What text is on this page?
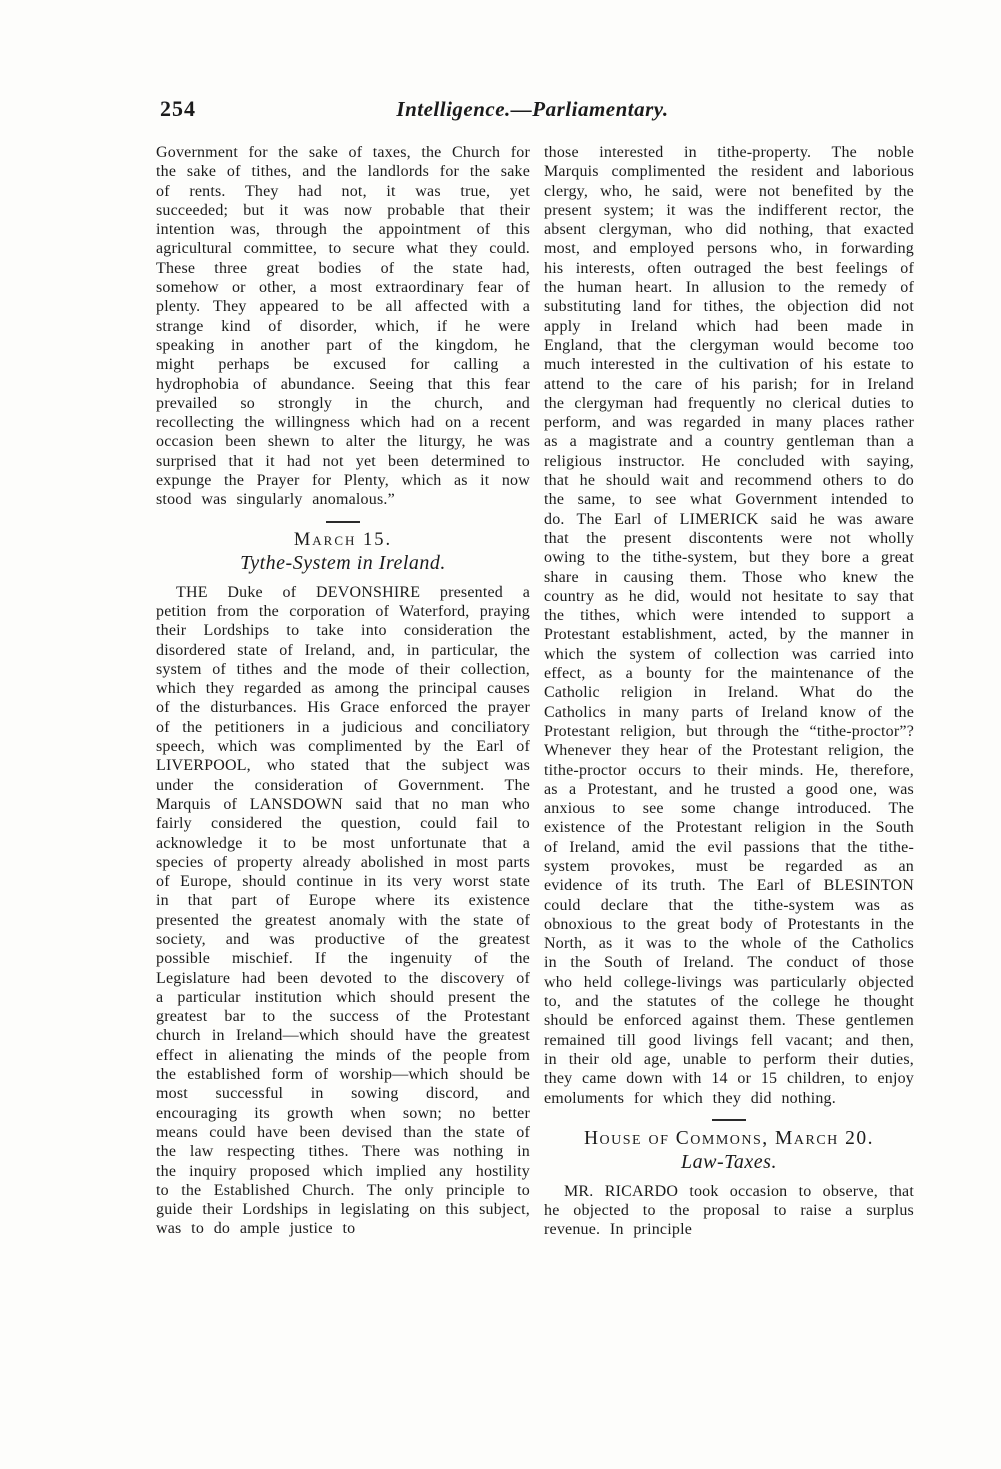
254	Intelligence.—Parliamentary.

Government for the sake of taxes, the Church for the sake of tithes, and the landlords for the sake of rents. They had not, it was true, yet succeeded; but it was now probable that their intention was, through the appointment of this agricultural committee, to secure what they could. These three great bodies of the state had, somehow or other, a most extraordinary fear of plenty. They appeared to be all affected with a strange kind of disorder, which, if he were speaking in another part of the kingdom, he might perhaps be excused for calling a hydrophobia of abundance. Seeing that this fear prevailed so strongly in the church, and recollecting the willingness which had on a recent occasion been shewn to alter the liturgy, he was surprised that it had not yet been determined to expunge the Prayer for Plenty, which as it now stood was singularly anomalous.”

March 15.
Tythe-System in Ireland.

THE Duke of DEVONSHIRE presented a petition from the corporation of Waterford, praying their Lordships to take into consideration the disordered state of Ireland, and, in particular, the system of tithes and the mode of their collection, which they regarded as among the principal causes of the disturbances. His Grace enforced the prayer of the petitioners in a judicious and conciliatory speech, which was complimented by the Earl of LIVERPOOL, who stated that the subject was under the consideration of Government. The Marquis of LANSDOWN said that no man who fairly considered the question, could fail to acknowledge it to be most unfortunate that a species of property already abolished in most parts of Europe, should continue in its very worst state in that part of Europe where its existence presented the greatest anomaly with the state of society, and was productive of the greatest possible mischief. If the ingenuity of the Legislature had been devoted to the discovery of a particular institution which should present the greatest bar to the success of the Protestant church in Ireland—which should have the greatest effect in alienating the minds of the people from the established form of worship—which should be most successful in sowing discord, and encouraging its growth when sown; no better means could have been devised than the state of the law respecting tithes. There was nothing in the inquiry proposed which implied any hostility to the Established Church. The only principle to guide their Lordships in legislating on this subject, was to do ample justice to

those interested in tithe-property. The noble Marquis complimented the resident and laborious clergy, who, he said, were not benefited by the present system; it was the indifferent rector, the absent clergyman, who did nothing, that exacted most, and employed persons who, in forwarding his interests, often outraged the best feelings of the human heart. In allusion to the remedy of substituting land for tithes, the objection did not apply in Ireland which had been made in England, that the clergyman would become too much interested in the cultivation of his estate to attend to the care of his parish; for in Ireland the clergyman had frequently no clerical duties to perform, and was regarded in many places rather as a magistrate and a country gentleman than a religious instructor. He concluded with saying, that he should wait and recommend others to do the same, to see what Government intended to do. The Earl of LIMERICK said he was aware that the present discontents were not wholly owing to the tithe-system, but they bore a great share in causing them. Those who knew the country as he did, would not hesitate to say that the tithes, which were intended to support a Protestant establishment, acted, by the manner in which the system of collection was carried into effect, as a bounty for the maintenance of the Catholic religion in Ireland. What do the Catholics in many parts of Ireland know of the Protestant religion, but through the “tithe-proctor”? Whenever they hear of the Protestant religion, the tithe-proctor occurs to their minds. He, therefore, as a Protestant, and he trusted a good one, was anxious to see some change introduced. The existence of the Protestant religion in the South of Ireland, amid the evil passions that the tithe-system provokes, must be regarded as an evidence of its truth. The Earl of BLESINTON could declare that the tithe-system was as obnoxious to the great body of Protestants in the North, as it was to the whole of the Catholics in the South of Ireland. The conduct of those who held college-livings was particularly objected to, and the statutes of the college he thought should be enforced against them. These gentlemen remained till good livings fell vacant; and then, in their old age, unable to perform their duties, they came down with 14 or 15 children, to enjoy emoluments for which they did nothing.

House of Commons, March 20.
Law-Taxes.

MR. RICARDO took occasion to observe, that he objected to the proposal to raise a surplus revenue. In principle
